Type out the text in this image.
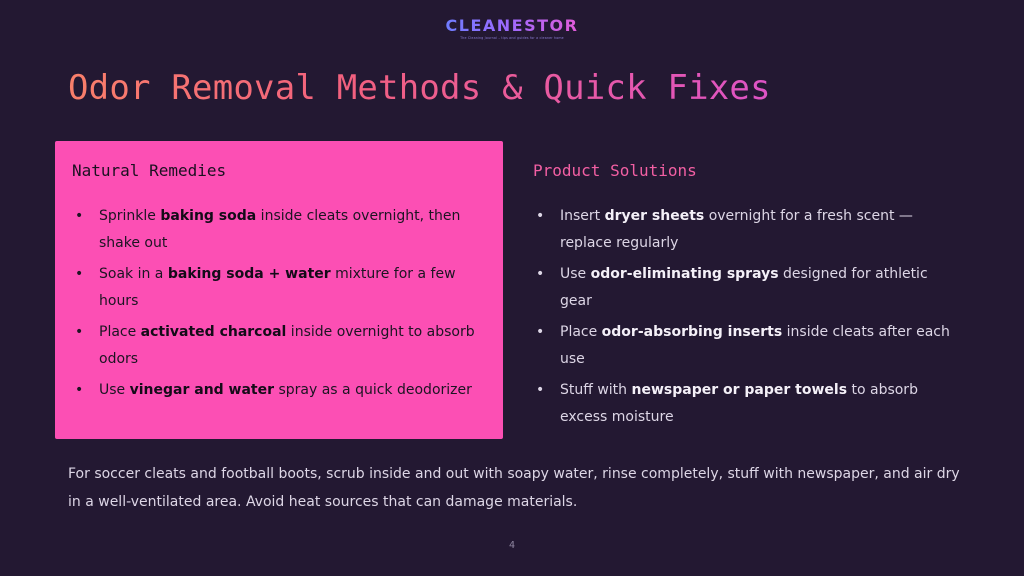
CLEANESTOR
The Cleaning Journal – tips and guides for a cleaner home
Odor Removal Methods & Quick Fixes
Natural Remedies
• Sprinkle baking soda inside cleats overnight, then shake out
• Soak in a baking soda + water mixture for a few hours
• Place activated charcoal inside overnight to absorb odors
• Use vinegar and water spray as a quick deodorizer
Product Solutions
• Insert dryer sheets overnight for a fresh scent — replace regularly
• Use odor-eliminating sprays designed for athletic gear
• Place odor-absorbing inserts inside cleats after each use
• Stuff with newspaper or paper towels to absorb excess moisture

For soccer cleats and football boots, scrub inside and out with soapy water, rinse completely, stuff with newspaper, and air dry in a well-ventilated area. Avoid heat sources that can damage materials.

4
